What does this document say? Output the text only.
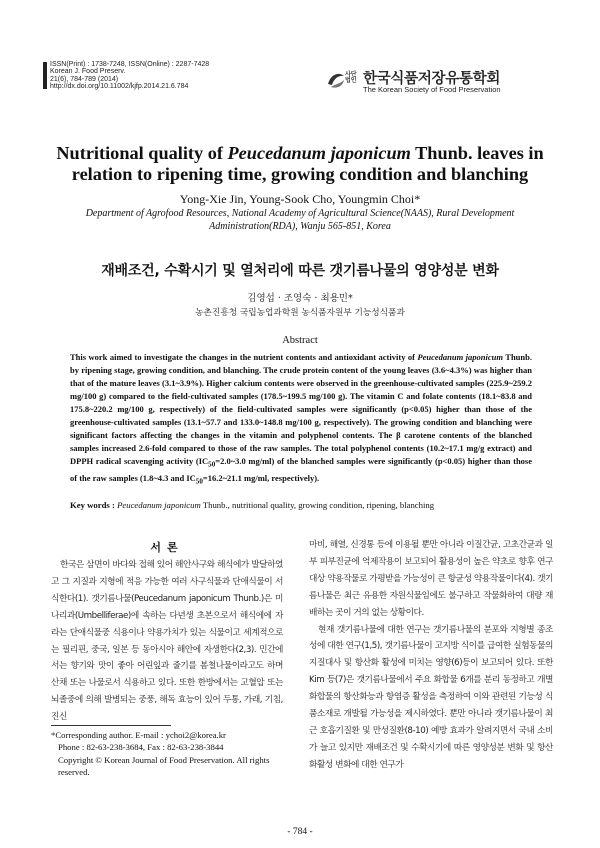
ISSN(Print) : 1738-7248, ISSN(Online) : 2287-7428
Korean J. Food Preserv.
21(6), 784-789 (2014)
http://dx.doi.org/10.11002/kjfp.2014.21.6.784
사단
법인 한국식품저장유통학회
The Korean Society of Food Preservation
Nutritional quality of Peucedanum japonicum Thunb. leaves in relation to ripening time, growing condition and blanching
Yong-Xie Jin, Young-Sook Cho, Youngmin Choi*
Department of Agrofood Resources, National Academy of Agricultural Science(NAAS), Rural Development Administration(RDA), Wanju 565-851, Korea
재배조건, 수확시기 및 열처리에 따른 갯기름나물의 영양성분 변화
김영섭 · 조영숙 · 최용민*
농촌진흥청 국립농업과학원 농식품자원부 기능성식품과
Abstract
This work aimed to investigate the changes in the nutrient contents and antioxidant activity of Peucedanum japonicum Thunb. by ripening stage, growing condition, and blanching. The crude protein content of the young leaves (3.6~4.3%) was higher than that of the mature leaves (3.1~3.9%). Higher calcium contents were observed in the greenhouse-cultivated samples (225.9~259.2 mg/100 g) compared to the field-cultivated samples (178.5~199.5 mg/100 g). The vitamin C and folate contents (18.1~83.8 and 175.8~220.2 mg/100 g, respectively) of the field-cultivated samples were significantly (p<0.05) higher than those of the greenhouse-cultivated samples (13.1~57.7 and 133.0~148.8 mg/100 g, respectively). The growing condition and blanching were significant factors affecting the changes in the vitamin and polyphenol contents. The β carotene contents of the blanched samples increased 2.6-fold compared to those of the raw samples. The total polyphenol contents (10.2~17.1 mg/g extract) and DPPH radical scavenging activity ($IC_{50}=2.0\sim 3.0$ mg/ml) of the blanched samples were significantly (p<0.05) higher than those of the raw samples (1.8~4.3 and $IC_{50}=16.2\sim 21.1$ mg/ml, respectively).
Key words : Peucedanum japonicum Thunb., nutritional quality, growing condition, ripening, blanching
서론

한국은 삼면이 바다와 접해 있어 해안사구와 해식에가 발달하였고 그 지질과 지형에 적응 가능한 여러 사구식물과 단애식물이 서식한다(1). 갯기름나물(Peucedanum japonicum Thunb.)은 미나리과(Umbelliferae)에 속하는 다년생 초본으로서 해식에에 자라는 단애식물중 식용이나 약용가치가 있는 식물이고 세계적으로는 필리핀, 중국, 일본 등 동아시아 해안에 자생한다(2,3). 민간에서는 향기와 맛이 좋아 어린잎과 줄기를 봄철나물이라고도 하며 산채 또는 나물로서 식용하고 있다. 또한 한방에서는 고혈압 또는 뇌졸중에 의해 발병되는 중풍, 해독 효능이 있어 두통, 가래, 기침, 진신

마비, 해열, 신경통 등에 이용될 뿐만 아니라 이질간균, 고초간균과 일부 피부진균에 억제작용이 보고되어 활용성이 높은 약초로 향후 연구대상 약용작물로 가평받을 가능성이 큰 항균성 약용작물이다(4). 갯기름나물은 최근 유용한 자원식물임에도 불구하고 작물화하여 대량 재배하는 곳이 거의 없는 상황이다.

현재 갯기름나물에 대한 연구는 갯기름나물의 분포와 지형별 종조성에 대한 연구(1,5), 갯기름나물이 고지방 식이를 급여한 실험동물의 지질대사 및 항산화 활성에 미치는 영향(6)등이 보고되어 있다. 또한 Kim 등(7)은 갯기름나물에서 주요 화합물 6개를 분리 동정하고 개별화합물의 항산화능과 항염증 활성을 측정하여 이와 관련된 기능성 식품소재로 개발될 가능성을 제시하였다. 뿐만 아니라 갯기름나물이 최근 호흡기질환 및 만성질환(8-10) 예방 효과가 알려지면서 국내 소비가 늘고 있지만 재배조건 및 수확시기에 따른 영양성분 변화 및 항산화활성 변화에 대한 연구가

*Corresponding author. E-mail : ychoi2@korea.kr
Phone : 82-63-238-3684, Fax : 82-63-238-3844
Copyright © Korean Journal of Food Preservation. All rights
reserved.
- 784 -
